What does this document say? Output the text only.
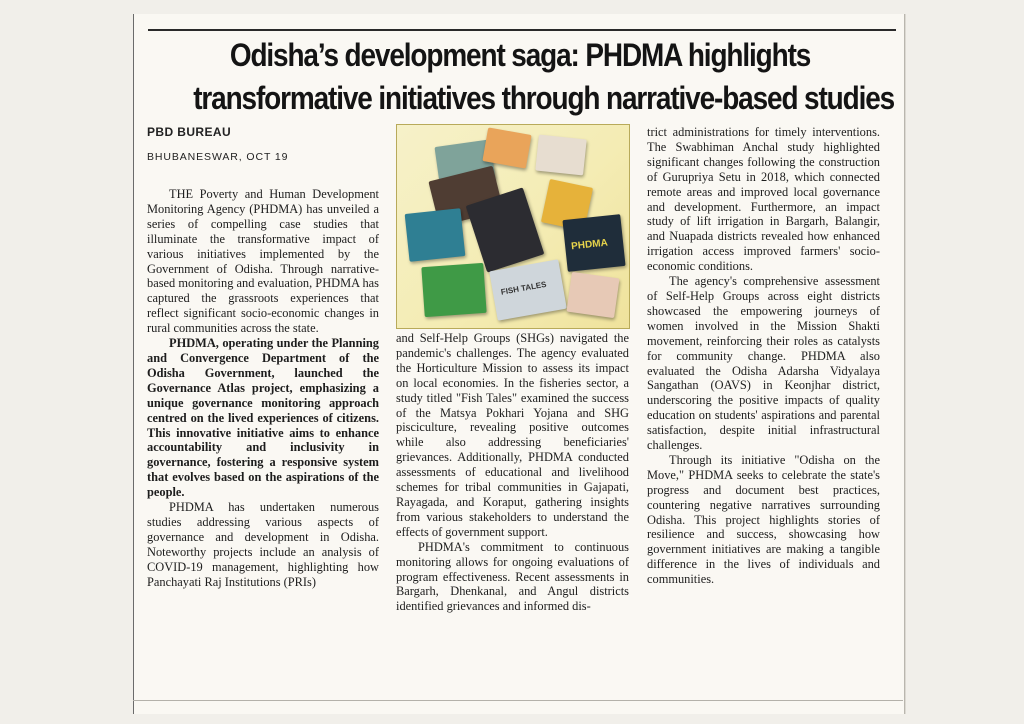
Odisha’s development saga: PHDMA highlights
transformative initiatives through narrative-based studies
PBD BUREAU
BHUBANESWAR, OCT 19

THE Poverty and Human Development Monitoring Agency (PHDMA) has unveiled a series of compelling case studies that illuminate the transformative impact of various initiatives implemented by the Government of Odisha. Through narrative-based monitoring and evaluation, PHDMA has captured the grassroots experiences that reflect significant socio-economic changes in rural communities across the state.

PHDMA, operating under the Planning and Convergence Department of the Odisha Government, launched the Governance Atlas project, emphasizing a unique governance monitoring approach centred on the lived experiences of citizens. This innovative initiative aims to enhance accountability and inclusivity in governance, fostering a responsive system that evolves based on the aspirations of the people.

PHDMA has undertaken numerous studies addressing various aspects of governance and development in Odisha. Noteworthy projects include an analysis of COVID-19 management, highlighting how Panchayati Raj Institutions (PRIs)

PHDMA
FISH TALES

and Self-Help Groups (SHGs) navigated the pandemic's challenges. The agency evaluated the Horticulture Mission to assess its impact on local economies. In the fisheries sector, a study titled "Fish Tales" examined the success of the Matsya Pokhari Yojana and SHG pisciculture, revealing positive outcomes while also addressing beneficiaries' grievances. Additionally, PHDMA conducted assessments of educational and livelihood schemes for tribal communities in Gajapati, Rayagada, and Koraput, gathering insights from various stakeholders to understand the effects of government support.

PHDMA's commitment to continuous monitoring allows for ongoing evaluations of program effectiveness. Recent assessments in Bargarh, Dhenkanal, and Angul districts identified grievances and informed dis-

trict administrations for timely interventions. The Swabhiman Anchal study highlighted significant changes following the construction of Gurupriya Setu in 2018, which connected remote areas and improved local governance and development. Furthermore, an impact study of lift irrigation in Bargarh, Balangir, and Nuapada districts revealed how enhanced irrigation access improved farmers' socio-economic conditions.

The agency's comprehensive assessment of Self-Help Groups across eight districts showcased the empowering journeys of women involved in the Mission Shakti movement, reinforcing their roles as catalysts for community change. PHDMA also evaluated the Odisha Adarsha Vidyalaya Sangathan (OAVS) in Keonjhar district, underscoring the positive impacts of quality education on students' aspirations and parental satisfaction, despite initial infrastructural challenges.

Through its initiative "Odisha on the Move," PHDMA seeks to celebrate the state's progress and document best practices, countering negative narratives surrounding Odisha. This project highlights stories of resilience and success, showcasing how government initiatives are making a tangible difference in the lives of individuals and communities.
